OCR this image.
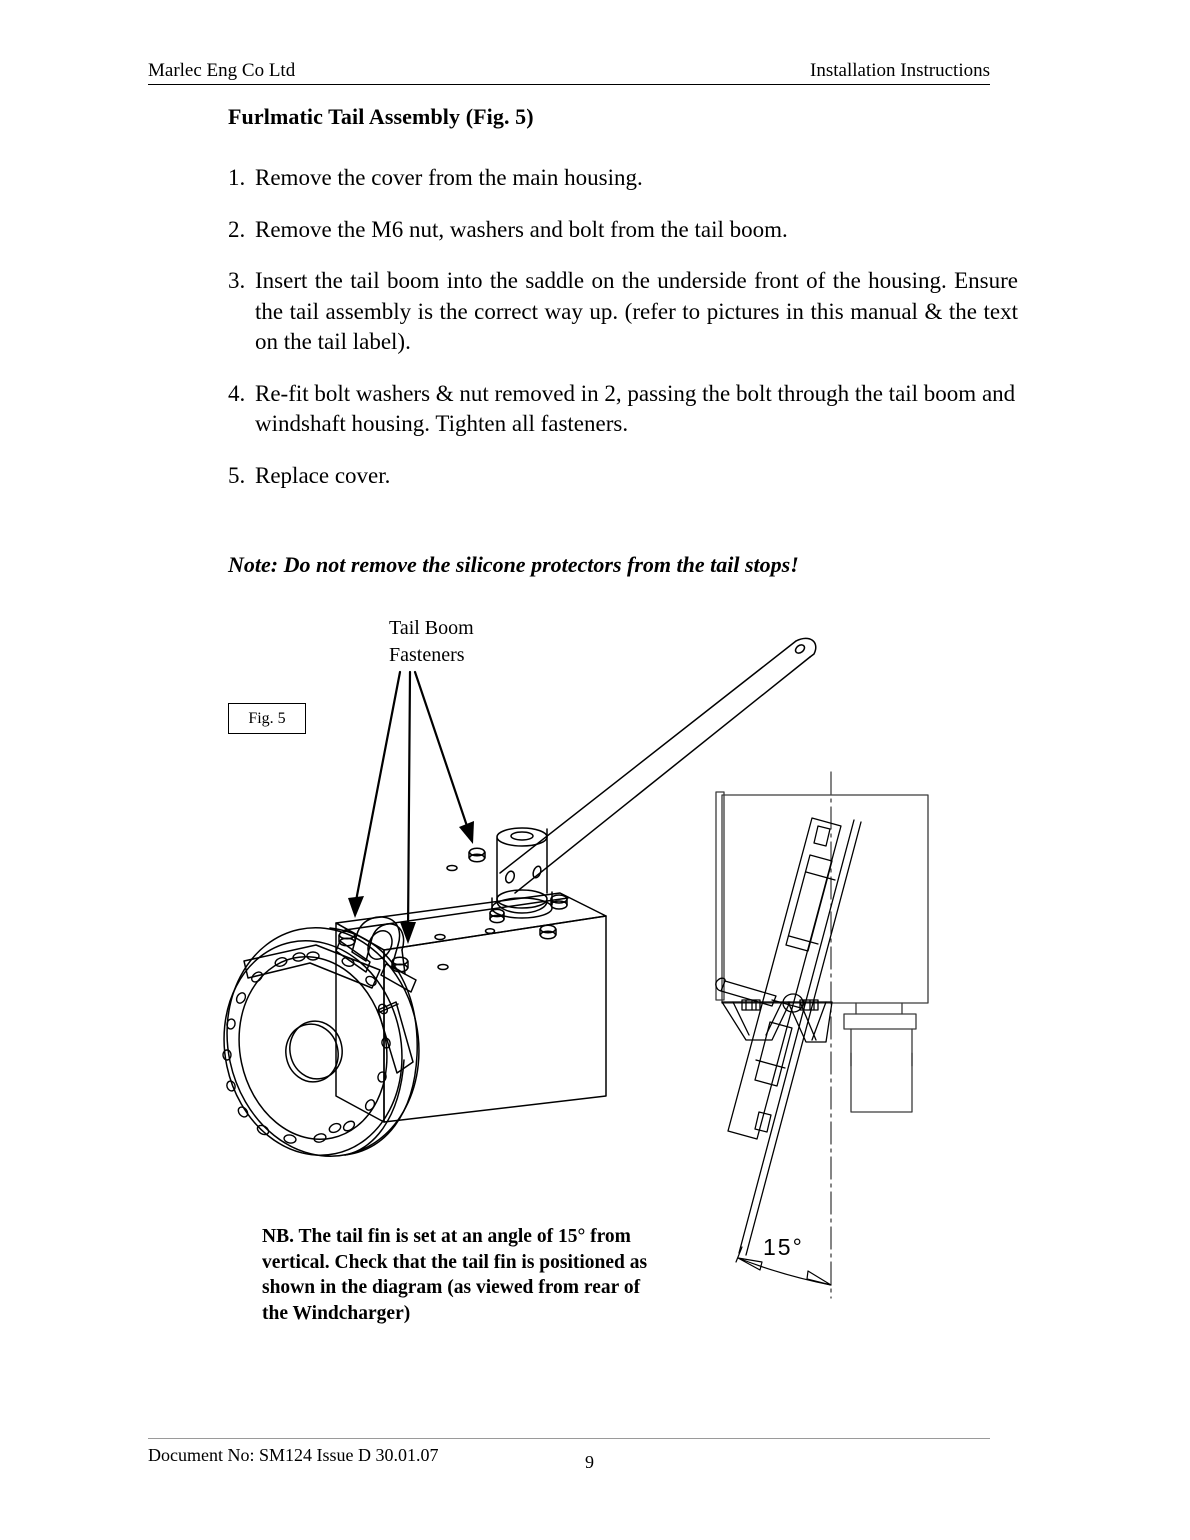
Marlec Eng Co Ltd	Installation Instructions
Furlmatic Tail Assembly (Fig. 5)
1. Remove the cover from the main housing.
2. Remove the M6 nut, washers and bolt from the tail boom.
3. Insert the tail boom into the saddle on the underside front of the housing. Ensure the tail assembly is the correct way up. (refer to pictures in this manual & the text on the tail label).
4. Re-fit bolt washers & nut removed in 2, passing the bolt through the tail boom and windshaft housing. Tighten all fasteners.
5. Replace cover.
Note: Do not remove the silicone protectors from the tail stops!
15°
Fig. 5
Tail Boom
Fasteners
NB. The tail fin is set at an angle of 15° from vertical. Check that the tail fin is positioned as shown in the diagram (as viewed from rear of the Windcharger)
Document No: SM124 Issue D 30.01.07	9
